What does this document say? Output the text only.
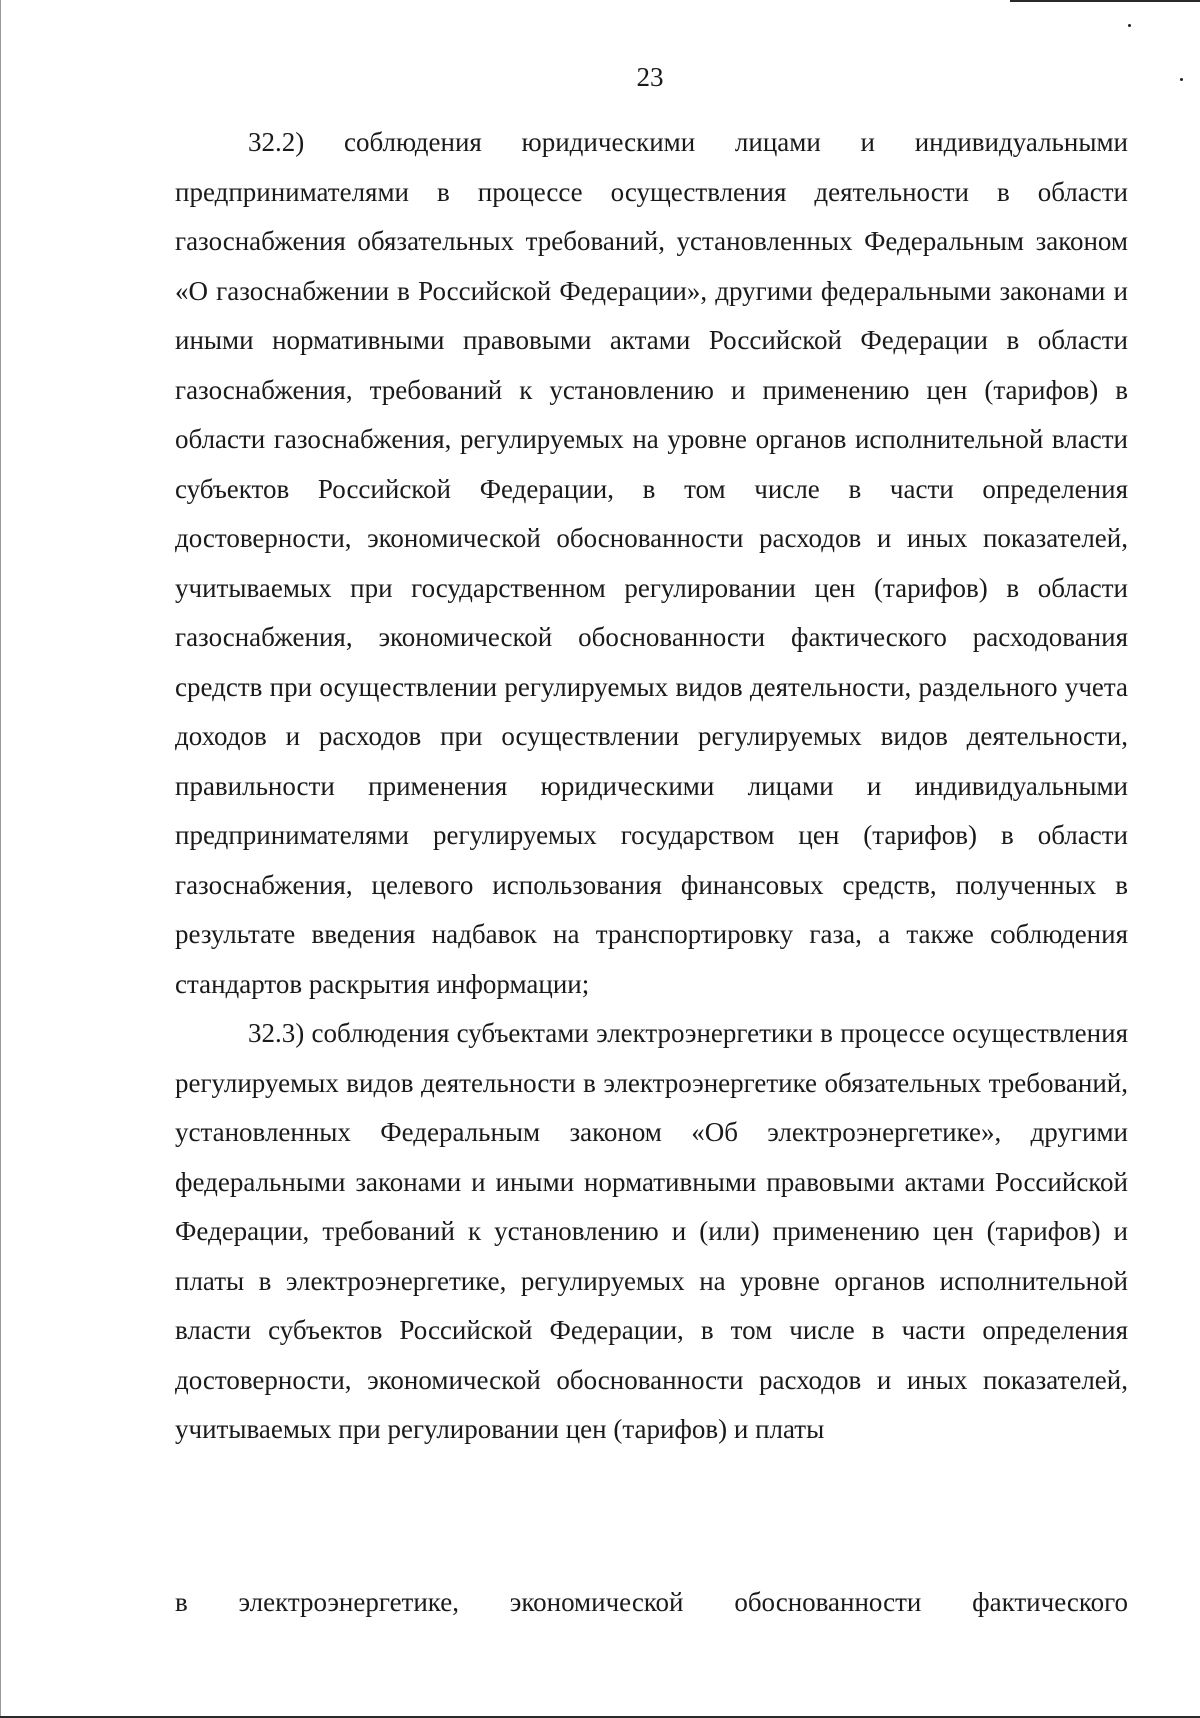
23

32.2) соблюдения юридическими лицами и индивидуальными предпринимателями в процессе осуществления деятельности в области газоснабжения обязательных требований, установленных Федеральным законом «О газоснабжении в Российской Федерации», другими федеральными законами и иными нормативными правовыми актами Российской Федерации в области газоснабжения, требований к установлению и применению цен (тарифов) в области газоснабжения, регулируемых на уровне органов исполнительной власти субъектов Российской Федерации, в том числе в части определения достоверности, экономической обоснованности расходов и иных показателей, учитываемых при государственном регулировании цен (тарифов) в области газоснабжения, экономической обоснованности фактического расходования средств при осуществлении регулируемых видов деятельности, раздельного учета доходов и расходов при осуществлении регулируемых видов деятельности, правильности применения юридическими лицами и индивидуальными предпринимателями регулируемых государством цен (тарифов) в области газоснабжения, целевого использования финансовых средств, полученных в результате введения надбавок на транспортировку газа, а также соблюдения стандартов раскрытия информации;

32.3) соблюдения субъектами электроэнергетики в процессе осуществления регулируемых видов деятельности в электроэнергетике обязательных требований, установленных Федеральным законом «Об электроэнергетике», другими федеральными законами и иными нормативными правовыми актами Российской Федерации, требований к установлению и (или) применению цен (тарифов) и платы в электроэнергетике, регулируемых на уровне органов исполнительной власти субъектов Российской Федерации, в том числе в части определения достоверности, экономической обоснованности расходов и иных показателей, учитываемых при регулировании цен (тарифов) и платы

в электроэнергетике, экономической обоснованности фактического
